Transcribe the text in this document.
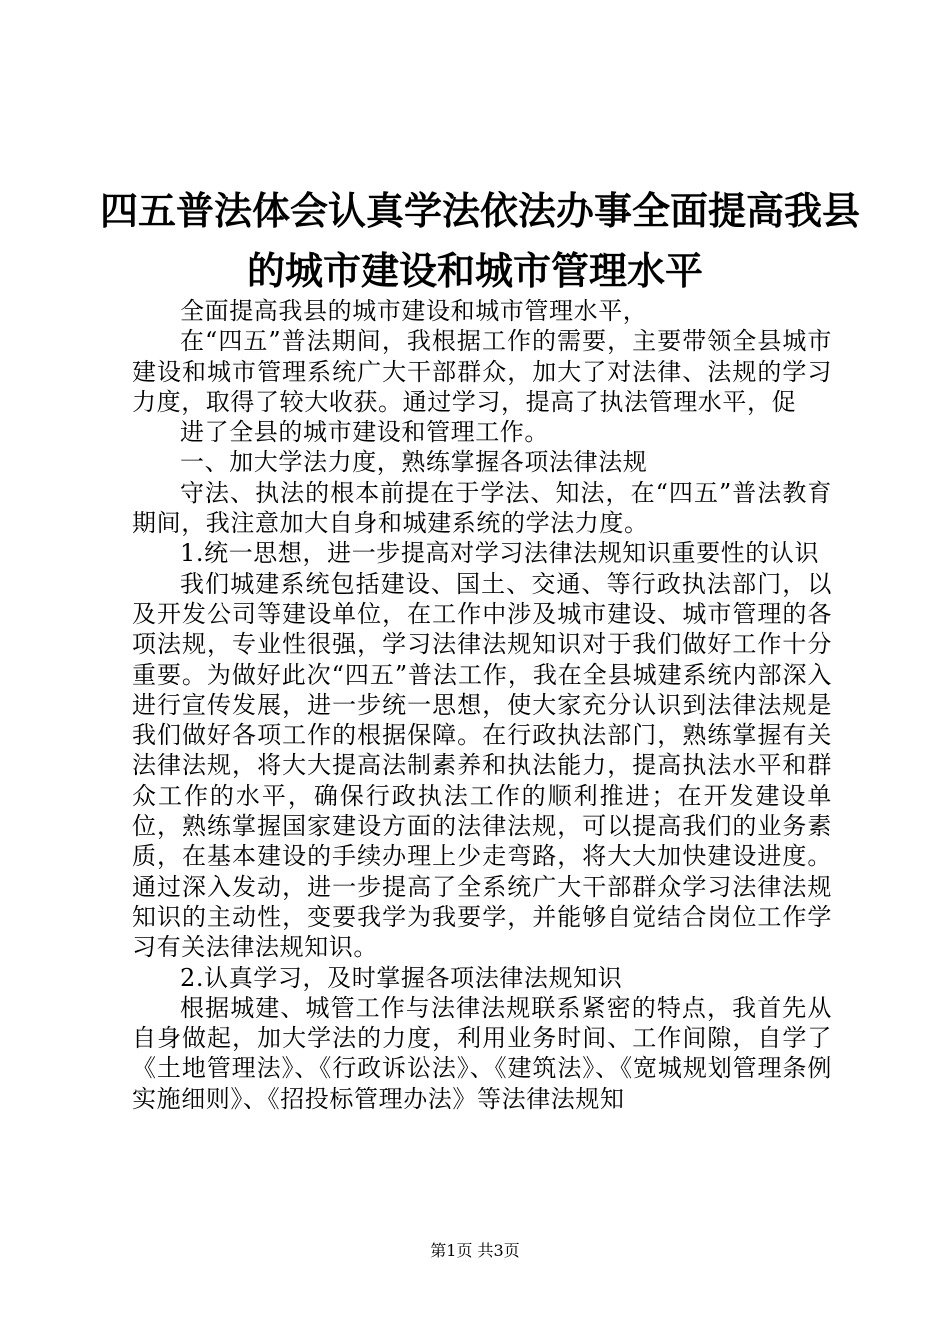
四五普法体会认真学法依法办事全面提高我县
的城市建设和城市管理水平

全面提高我县的城市建设和城市管理水平，

在“四五”普法期间，我根据工作的需要，主要带领全县城市建设和城市管理系统广大干部群众，加大了对法律、法规的学习力度，取得了较大收获。通过学习，提高了执法管理水平，促

进了全县的城市建设和管理工作。

一、加大学法力度，熟练掌握各项法律法规

守法、执法的根本前提在于学法、知法，在“四五”普法教育期间，我注意加大自身和城建系统的学法力度。

1.统一思想，进一步提高对学习法律法规知识重要性的认识

我们城建系统包括建设、国土、交通、等行政执法部门，以及开发公司等建设单位，在工作中涉及城市建设、城市管理的各项法规，专业性很强，学习法律法规知识对于我们做好工作十分重要。为做好此次“四五”普法工作，我在全县城建系统内部深入进行宣传发展，进一步统一思想，使大家充分认识到法律法规是我们做好各项工作的根据保障。在行政执法部门，熟练掌握有关法律法规，将大大提高法制素养和执法能力，提高执法水平和群众工作的水平，确保行政执法工作的顺利推进；在开发建设单位，熟练掌握国家建设方面的法律法规，可以提高我们的业务素质，在基本建设的手续办理上少走弯路，将大大加快建设进度。通过深入发动，进一步提高了全系统广大干部群众学习法律法规知识的主动性，变要我学为我要学，并能够自觉结合岗位工作学习有关法律法规知识。

2.认真学习，及时掌握各项法律法规知识

根据城建、城管工作与法律法规联系紧密的特点，我首先从自身做起，加大学法的力度，利用业务时间、工作间隙，自学了《土地管理法》、《行政诉讼法》、《建筑法》、《宽城规划管理条例实施细则》、《招投标管理办法》等法律法规知

第1页 共3页
